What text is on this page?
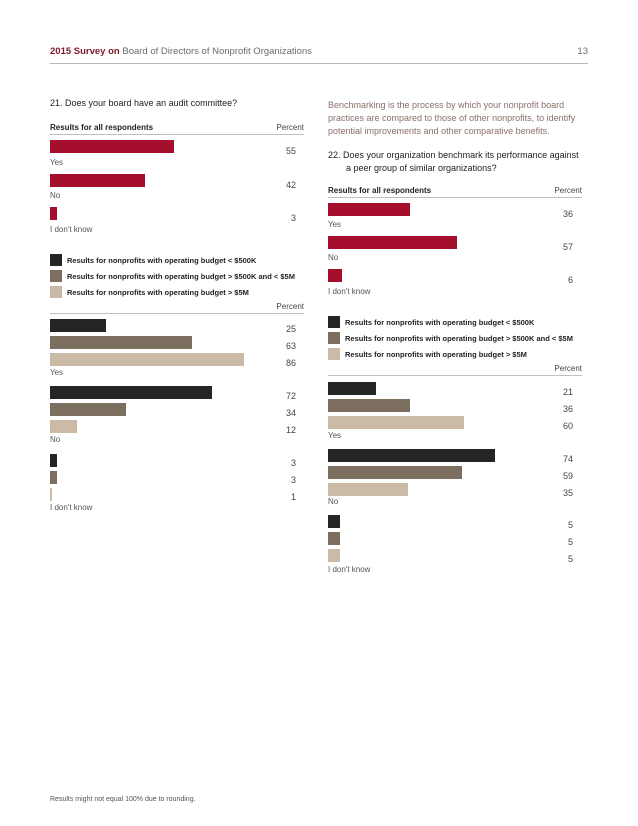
2015 Survey on Board of Directors of Nonprofit Organizations	13
21. Does your board have an audit committee?
Results for all respondents	Percent
55
Yes
42
No
3
I don't know
Results for nonprofits with operating budget < $500K
Results for nonprofits with operating budget > $500K and < $5M
Results for nonprofits with operating budget > $5M
Percent
25
63
86
Yes
72
34
12
No
3
3
1
I don't know
Benchmarking is the process by which your nonprofit board practices are compared to those of other nonprofits, to identify potential improvements and other comparative benefits.
22. Does your organization benchmark its performance against
a peer group of similar organizations?
Results for all respondents	Percent
36
Yes
57
No
6
I don't know
Results for nonprofits with operating budget < $500K
Results for nonprofits with operating budget > $500K and < $5M
Results for nonprofits with operating budget > $5M
Percent
21
36
60
Yes
74
59
35
No
5
5
5
I don't know
Results might not equal 100% due to rounding.
